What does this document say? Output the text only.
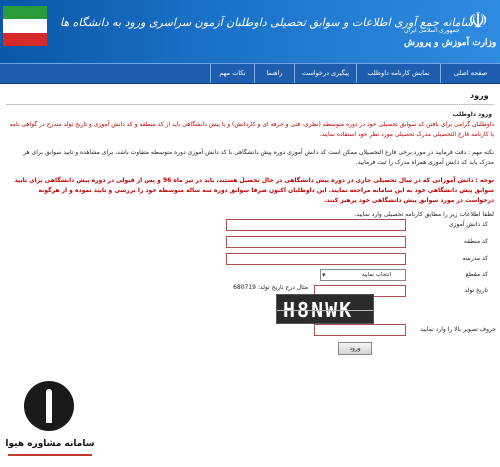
سامانه جمع آوری اطلاعات و سوابق تحصیلی داوطلبان آزمون سراسری ورود به دانشگاه ها
☫
جمهوری اسلامی ایران
وزارت آموزش و پرورش
صفحه اصلی
نمایش کارنامه داوطلب
پیگیری درخواست
راهنما
نکات مهم
ورود
ورود داوطلب
داوطلبان گرامی برای یافتن کد سوابق تحصیلی خود در دوره متوسطه (نظری، فنی و حرفه ای و کاردانش) و یا پیش دانشگاهی باید از کد منطقه و کد دانش آموزی و تاریخ تولد مندرج در گواهی نامه یا کارنامه فارغ التحصیلی مدرک تحصیلی مورد نظر خود استفاده نمایند.
نکته مهم : دقت فرمایید در مورد برخی فارغ التحصیلان ممکن است کد دانش آموزی دوره پیش دانشگاهی با کد دانش آموزی دوره متوسطه متفاوت باشد، برای مشاهده و تایید سوابق برای هر مدرک باید کد دانش آموزی همراه مدرک را ثبت فرمایید.
توجه : دانش آموزانی که در سال تحصیلی جاری در دوره پیش دانشگاهی در حال تحصیل هستند، باید در تیر ماه 96 و پس از قبولی در دوره پیش دانشگاهی برای تایید سوابق پیش دانشگاهی خود به این سامانه مراجعه نمایند. این داوطلبان اکنون صرفا سوابق دوره سه ساله متوسطه خود را بررسی و تایید نموده و از هرگونه درخواست در مورد سوابق پیش دانشگاهی خود پرهیز کنند.
لطفا اطلاعات زیر را مطابق کارنامه تحصیلی وارد نمایید.
کد دانش آموزی
کد منطقه
کد مدرسه
کد مقطع
▾	انتخاب نمایید
تاریخ تولد
مثال درج تاریخ تولد: 680719
H8NWK
حروف تصویر بالا را وارد نمایید
ورود
سامانه مشاوره هیوا
